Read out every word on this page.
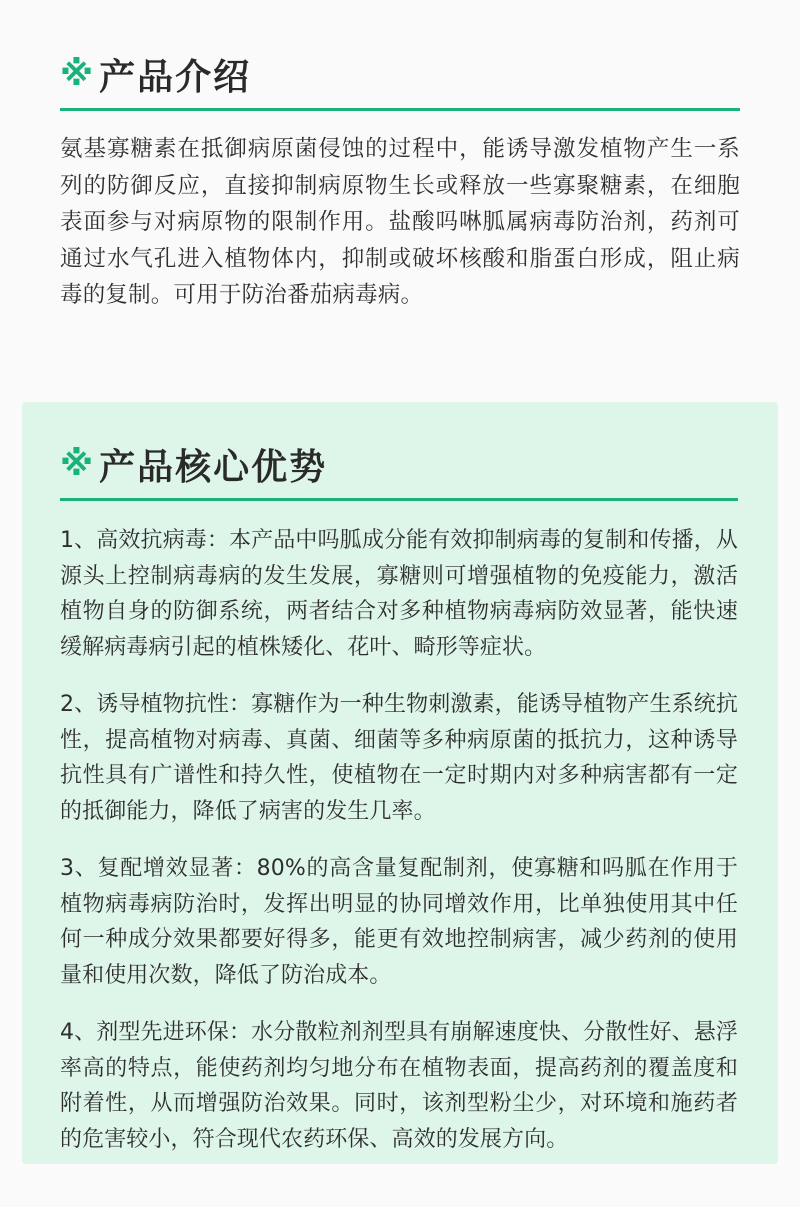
※ 产品介绍

氨基寡糖素在抵御病原菌侵蚀的过程中，能诱导激发植物产生一系列的防御反应，直接抑制病原物生长或释放一些寡聚糖素，在细胞表面参与对病原物的限制作用。盐酸吗啉胍属病毒防治剂，药剂可通过水气孔进入植物体内，抑制或破坏核酸和脂蛋白形成，阻止病毒的复制。可用于防治番茄病毒病。

※ 产品核心优势

1、高效抗病毒：本产品中吗胍成分能有效抑制病毒的复制和传播，从源头上控制病毒病的发生发展，寡糖则可增强植物的免疫能力，激活植物自身的防御系统，两者结合对多种植物病毒病防效显著，能快速缓解病毒病引起的植株矮化、花叶、畸形等症状。

2、诱导植物抗性：寡糖作为一种生物刺激素，能诱导植物产生系统抗性，提高植物对病毒、真菌、细菌等多种病原菌的抵抗力，这种诱导抗性具有广谱性和持久性，使植物在一定时期内对多种病害都有一定的抵御能力，降低了病害的发生几率。

3、复配增效显著：80%的高含量复配制剂，使寡糖和吗胍在作用于植物病毒病防治时，发挥出明显的协同增效作用，比单独使用其中任何一种成分效果都要好得多，能更有效地控制病害，减少药剂的使用量和使用次数，降低了防治成本。

4、剂型先进环保：水分散粒剂剂型具有崩解速度快、分散性好、悬浮率高的特点，能使药剂均匀地分布在植物表面，提高药剂的覆盖度和附着性，从而增强防治效果。同时，该剂型粉尘少，对环境和施药者的危害较小，符合现代农药环保、高效的发展方向。
